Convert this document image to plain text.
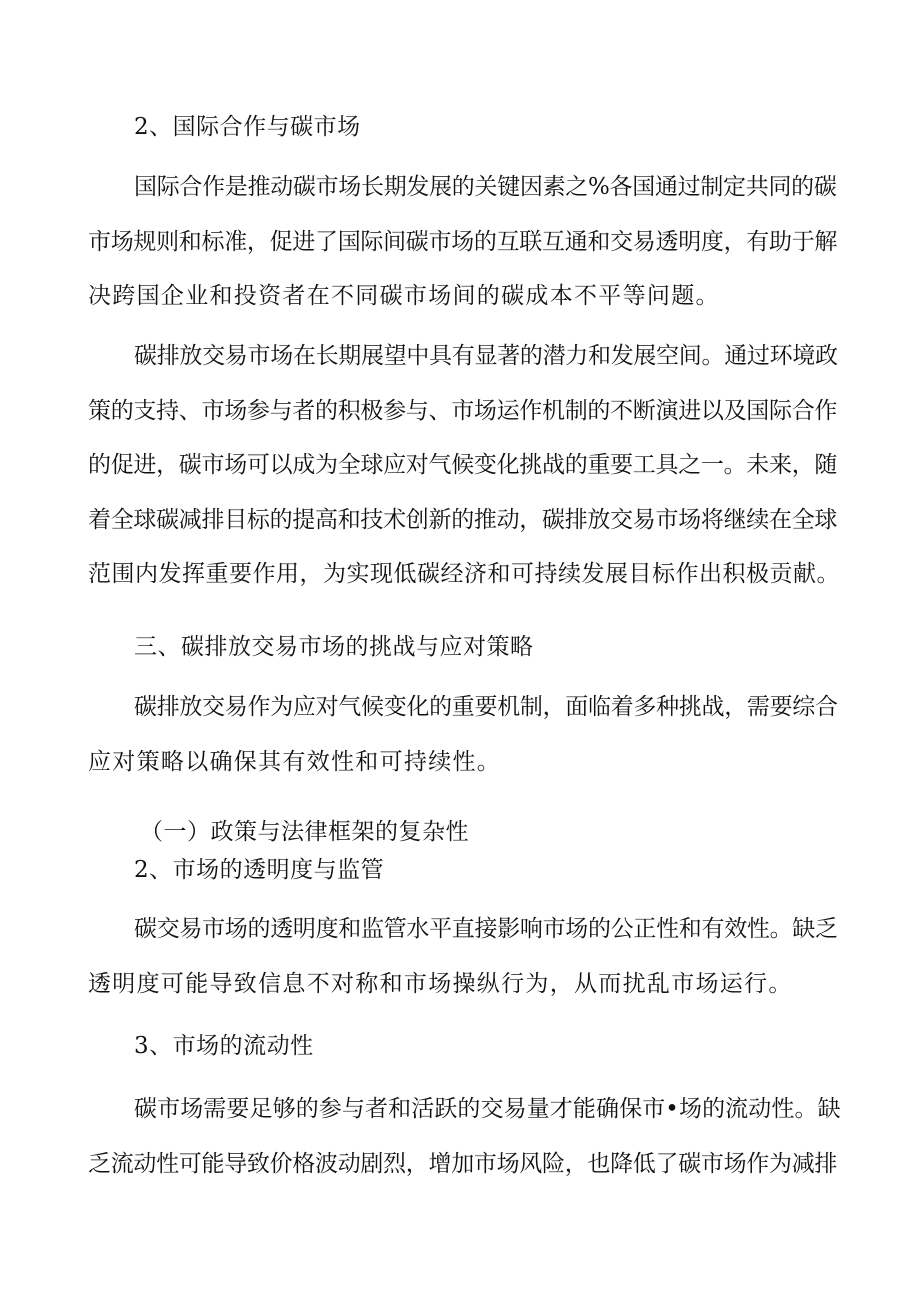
2、国际合作与碳市场
国际合作是推动碳市场长期发展的关键因素之%各国通过制定共同的碳
市场规则和标准，促进了国际间碳市场的互联互通和交易透明度，有助于解
决跨国企业和投资者在不同碳市场间的碳成本不平等问题。
碳排放交易市场在长期展望中具有显著的潜力和发展空间。通过环境政
策的支持、市场参与者的积极参与、市场运作机制的不断演进以及国际合作
的促进，碳市场可以成为全球应对气候变化挑战的重要工具之一。未来，随
着全球碳减排目标的提高和技术创新的推动，碳排放交易市场将继续在全球
范围内发挥重要作用，为实现低碳经济和可持续发展目标作出积极贡献。
三、碳排放交易市场的挑战与应对策略
碳排放交易作为应对气候变化的重要机制，面临着多种挑战，需要综合
应对策略以确保其有效性和可持续性。
（一）政策与法律框架的复杂性
2、市场的透明度与监管
碳交易市场的透明度和监管水平直接影响市场的公正性和有效性。缺乏
透明度可能导致信息不对称和市场操纵行为，从而扰乱市场运行。
3、市场的流动性
碳市场需要足够的参与者和活跃的交易量才能确保市•场的流动性。缺
乏流动性可能导致价格波动剧烈，增加市场风险，也降低了碳市场作为减排
